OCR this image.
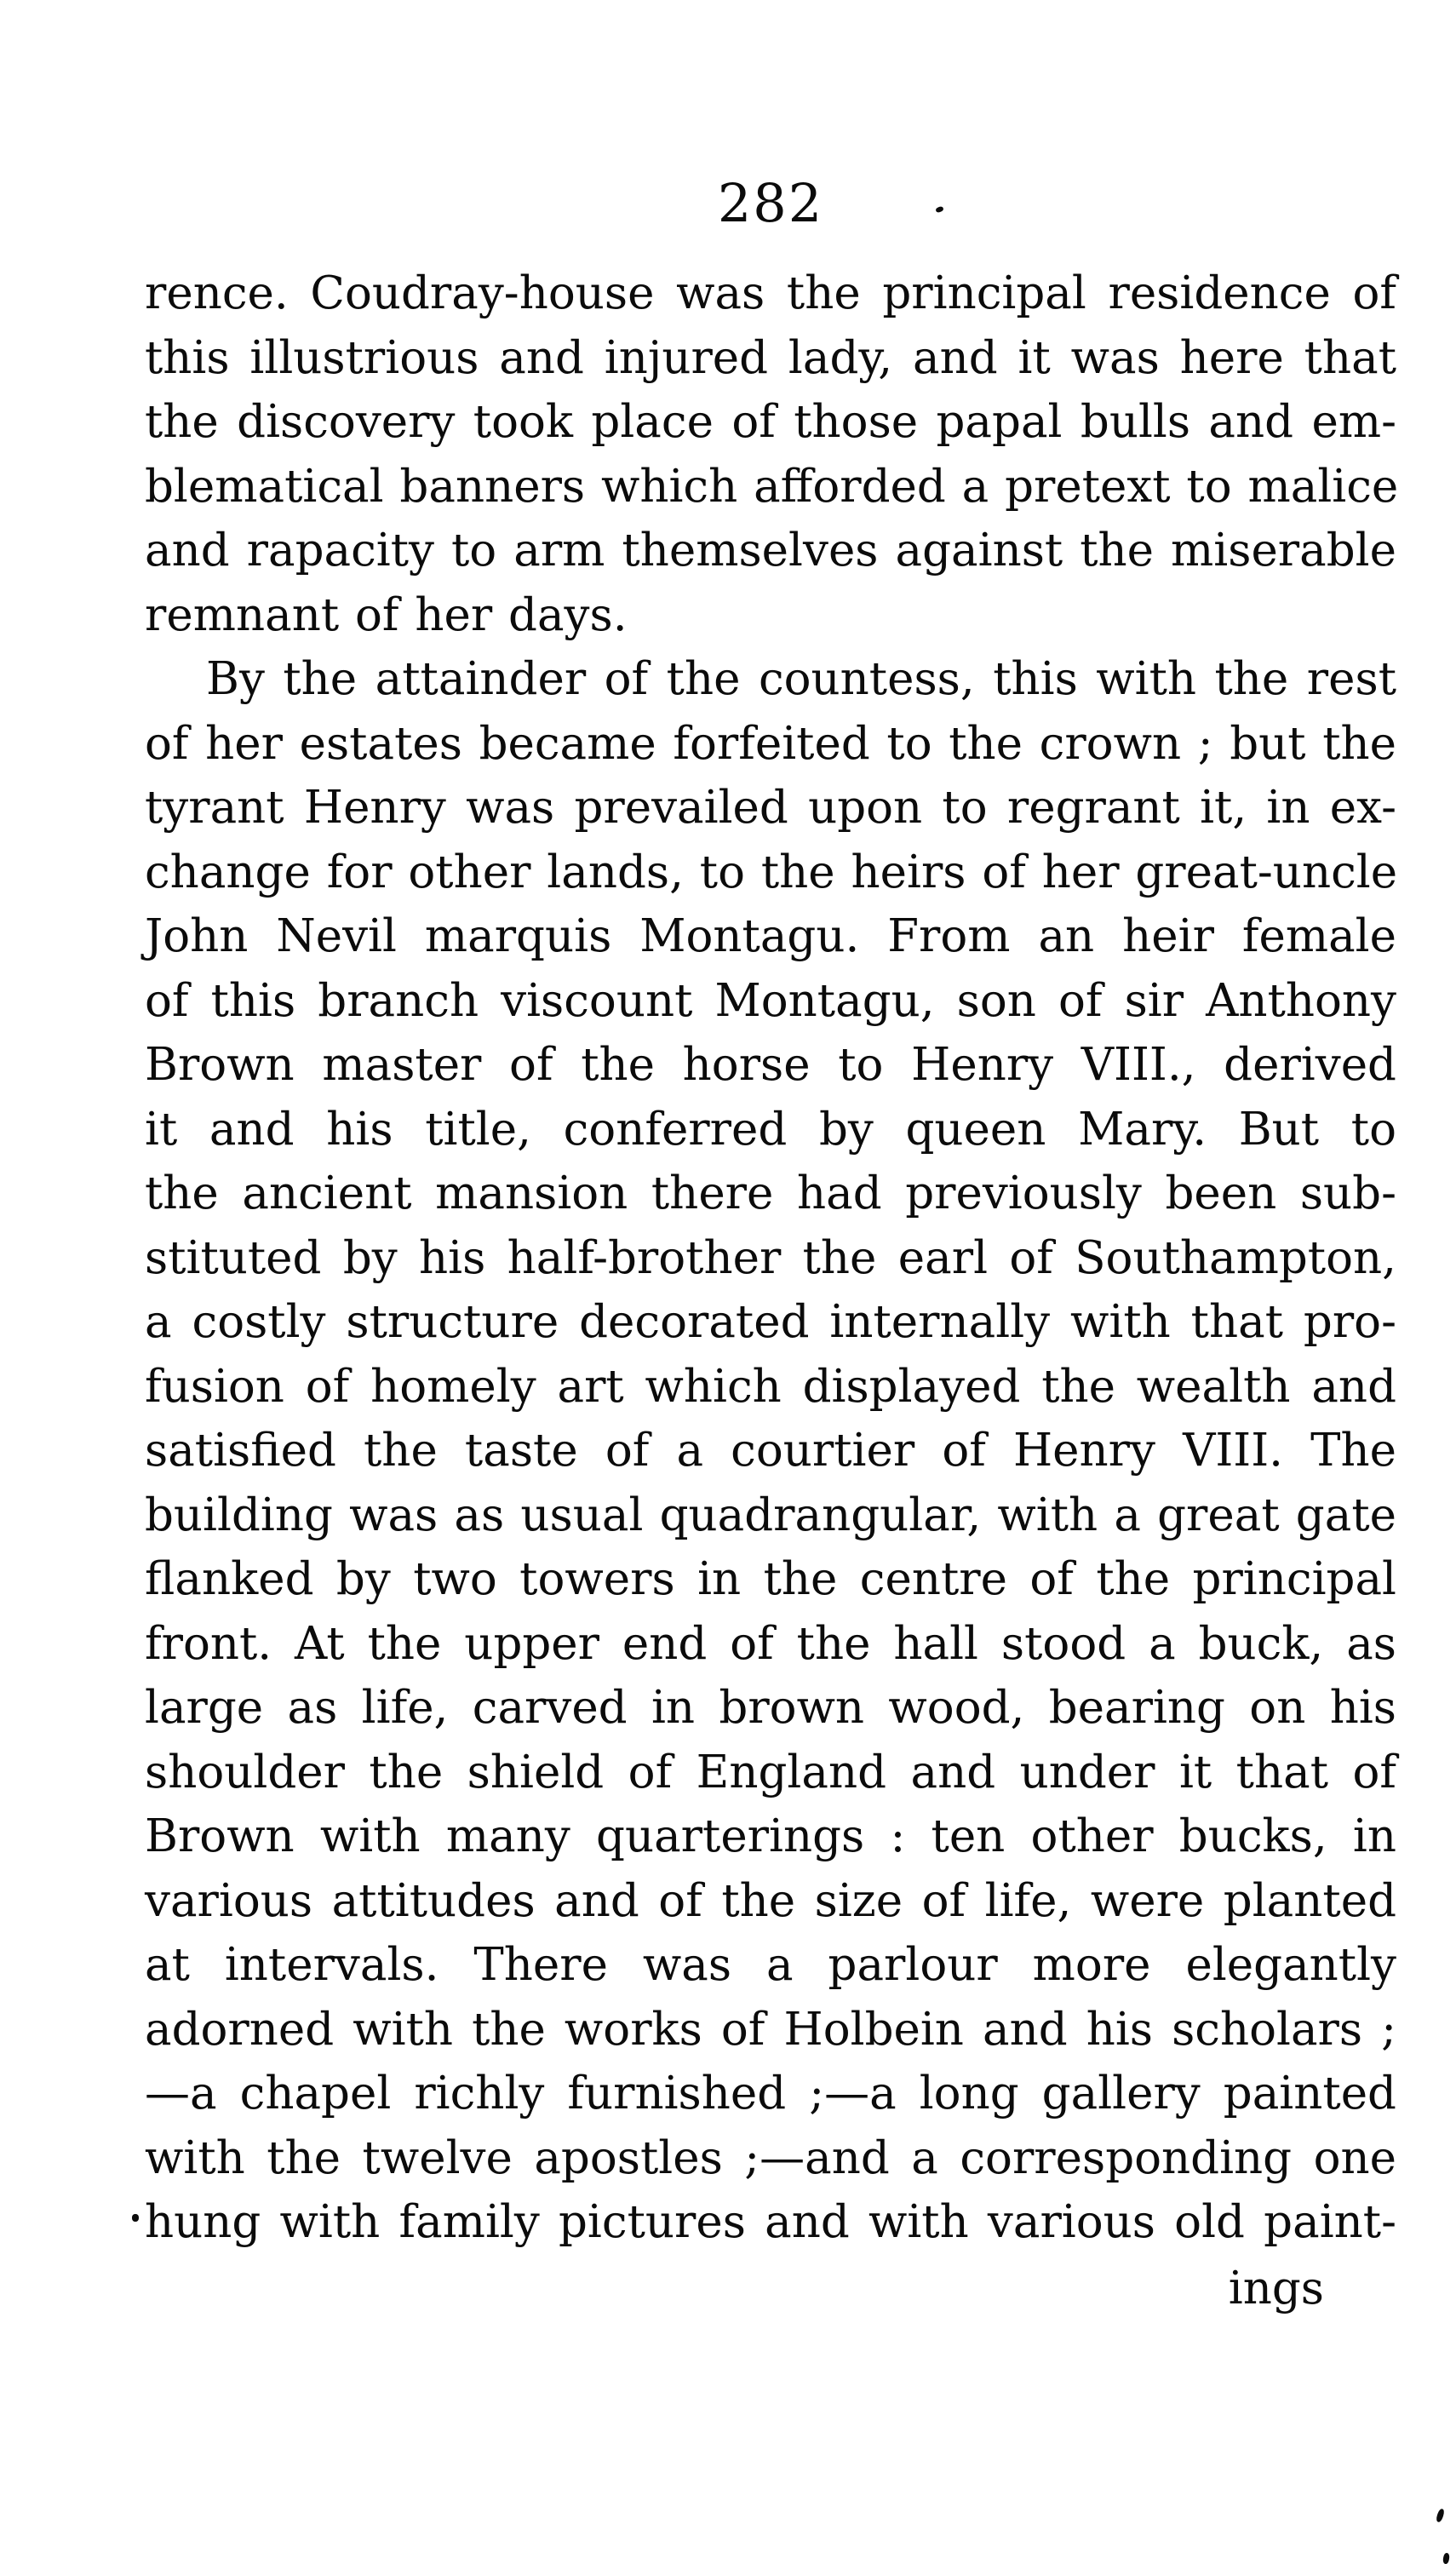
282
rence. Coudray-house was the principal residence of
this illustrious and injured lady, and it was here that
the discovery took place of those papal bulls and em-
blematical banners which afforded a pretext to malice
and rapacity to arm themselves against the miserable
remnant of her days.
By the attainder of the countess, this with the rest
of her estates became forfeited to the crown ; but the
tyrant Henry was prevailed upon to regrant it, in ex-
change for other lands, to the heirs of her great-uncle
John Nevil marquis Montagu. From an heir female
of this branch viscount Montagu, son of sir Anthony
Brown master of the horse to Henry VIII., derived
it and his title, conferred by queen Mary. But to
the ancient mansion there had previously been sub-
stituted by his half-brother the earl of Southampton,
a costly structure decorated internally with that pro-
fusion of homely art which displayed the wealth and
satisfied the taste of a courtier of Henry VIII. The
building was as usual quadrangular, with a great gate
flanked by two towers in the centre of the principal
front. At the upper end of the hall stood a buck, as
large as life, carved in brown wood, bearing on his
shoulder the shield of England and under it that of
Brown with many quarterings : ten other bucks, in
various attitudes and of the size of life, were planted
at intervals. There was a parlour more elegantly
adorned with the works of Holbein and his scholars ;
—a chapel richly furnished ;—a long gallery painted
with the twelve apostles ;—and a corresponding one
hung with family pictures and with various old paint-
ings
